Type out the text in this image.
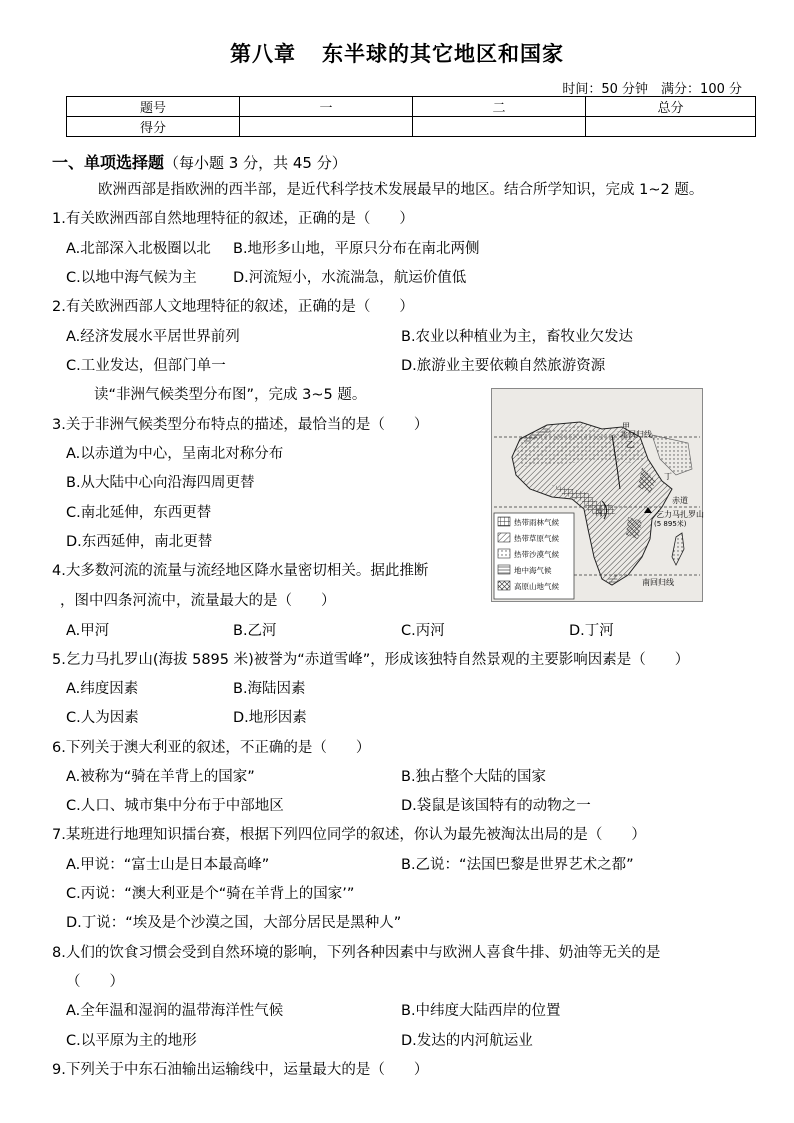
第八章 东半球的其它地区和国家
时间：50 分钟　满分：100 分
题号	一	二	总分
得分			
一、单项选择题（每小题 3 分，共 45 分）
欧洲西部是指欧洲的西半部，是近代科学技术发展最早的地区。结合所学知识，完成 1~2 题。
1.有关欧洲西部自然地理特征的叙述，正确的是（　　）
A.北部深入北极圈以北 B.地形多山地，平原只分布在南北两侧
C.以地中海气候为主	D.河流短小，水流湍急，航运价值低
2.有关欧洲西部人文地理特征的叙述，正确的是（　　）
A.经济发展水平居世界前列	B.农业以种植业为主，畜牧业欠发达
C.工业发达，但部门单一	D.旅游业主要依赖自然旅游资源
读“非洲气候类型分布图”，完成 3~5 题。
3.关于非洲气候类型分布特点的描述，最恰当的是（　　）
A.以赤道为中心，呈南北对称分布
B.从大陆中心向沿海四周更替
C.南北延伸，东西更替
D.东西延伸，南北更替
4.大多数河流的流量与流经地区降水量密切相关。据此推断
，图中四条河流中，流量最大的是（　　）
A.甲河	B.乙河	C.丙河	D.丁河
5.乞力马扎罗山(海拔 5895 米)被誉为“赤道雪峰”，形成该独特自然景观的主要影响因素是（　　）
A.纬度因素	B.海陆因素
C.人为因素	D.地形因素
6.下列关于澳大利亚的叙述，不正确的是（　　）
A.被称为“骑在羊背上的国家”	B.独占整个大陆的国家
C.人口、城市集中分布于中部地区	D.袋鼠是该国特有的动物之一
7.某班进行地理知识擂台赛，根据下列四位同学的叙述，你认为最先被淘汰出局的是（　　）
A.甲说：“富士山是日本最高峰”	B.乙说：“法国巴黎是世界艺术之都”
C.丙说：“澳大利亚是个“骑在羊背上的国家’”
D.丁说：“埃及是个沙漠之国，大部分居民是黑种人”
8.人们的饮食习惯会受到自然环境的影响，下列各种因素中与欧洲人喜食牛排、奶油等无关的是
（　　）
A.全年温和湿润的温带海洋性气候	B.中纬度大陆西岸的位置
C.以平原为主的地形	D.发达的内河航运业
9.下列关于中东石油输出运输线中，运量最大的是（　　）
北回归线
甲
乙
丙
丁
赤道
乞力马扎罗山
(5 895米)
南回归线
热带雨林气候
热带草原气候
热带沙漠气候
地中海气候
高原山地气候
